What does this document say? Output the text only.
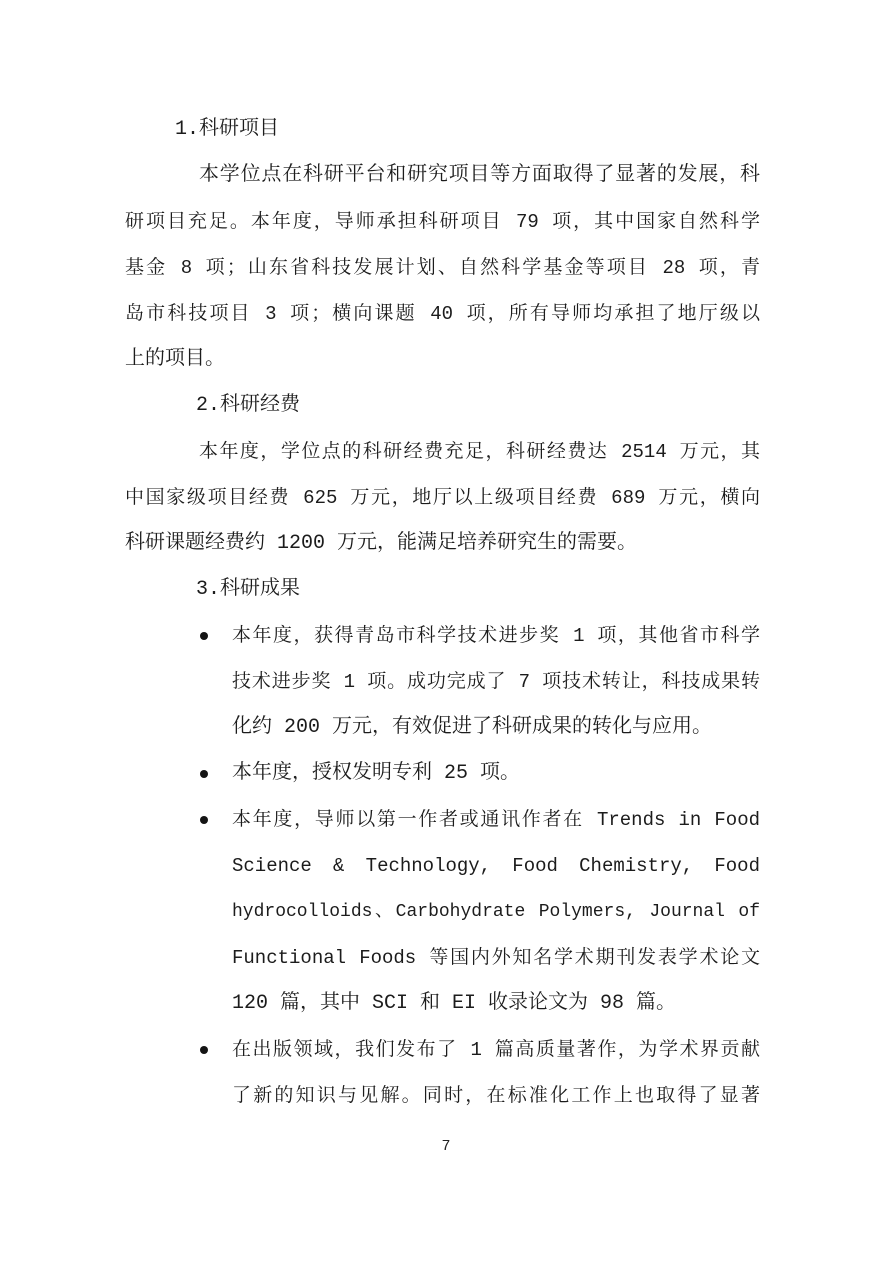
1.科研项目
本学位点在科研平台和研究项目等方面取得了显著的发展，科
研项目充足。本年度，导师承担科研项目 79 项，其中国家自然科学
基金 8 项；山东省科技发展计划、自然科学基金等项目 28 项，青
岛市科技项目 3 项；横向课题 40 项，所有导师均承担了地厅级以
上的项目。
2.科研经费
本年度，学位点的科研经费充足，科研经费达 2514 万元，其
中国家级项目经费 625 万元，地厅以上级项目经费 689 万元，横向
科研课题经费约 1200 万元，能满足培养研究生的需要。
3.科研成果
本年度，获得青岛市科学技术进步奖 1 项，其他省市科学
技术进步奖 1 项。成功完成了 7 项技术转让，科技成果转
化约 200 万元，有效促进了科研成果的转化与应用。
本年度，授权发明专利 25 项。
本年度，导师以第一作者或通讯作者在 Trends in Food
Science & Technology, Food Chemistry, Food
hydrocolloids、Carbohydrate Polymers, Journal of
Functional Foods 等国内外知名学术期刊发表学术论文
120 篇，其中 SCI 和 EI 收录论文为 98 篇。
在出版领域，我们发布了 1 篇高质量著作，为学术界贡献
了新的知识与见解。同时，在标准化工作上也取得了显著
7
